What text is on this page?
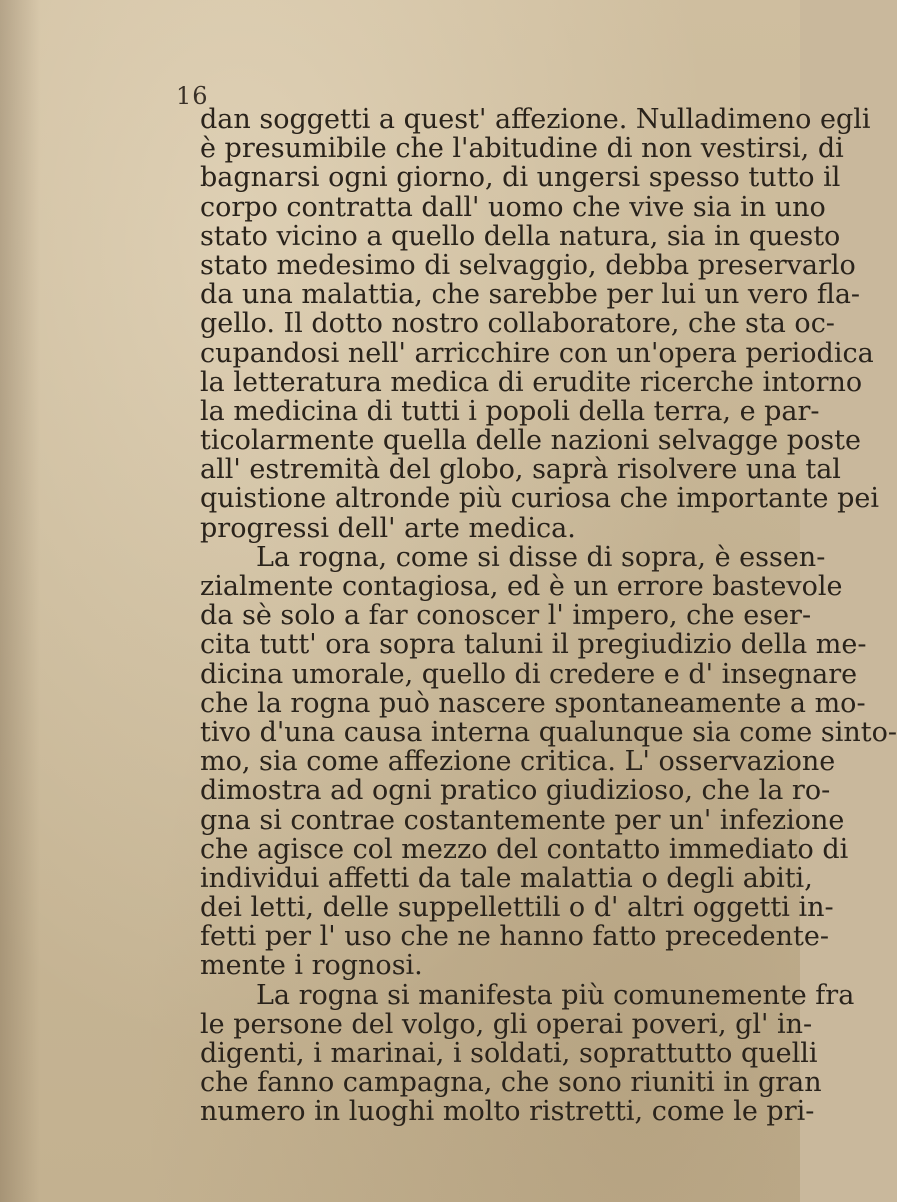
16
dan soggetti a quest' affezione. Nulladimeno egli
è presumibile che l'abitudine di non vestirsi, di
bagnarsi ogni giorno, di ungersi spesso tutto il
corpo contratta dall' uomo che vive sia in uno
stato vicino a quello della natura, sia in questo
stato medesimo di selvaggio, debba preservarlo
da una malattia, che sarebbe per lui un vero fla-
gello. Il dotto nostro collaboratore, che sta oc-
cupandosi nell' arricchire con un'opera periodica
la letteratura medica di erudite ricerche intorno
la medicina di tutti i popoli della terra, e par-
ticolarmente quella delle nazioni selvagge poste
all' estremità del globo, saprà risolvere una tal
quistione altronde più curiosa che importante pei
progressi dell' arte medica.
La rogna, come si disse di sopra, è essen-
zialmente contagiosa, ed è un errore bastevole
da sè solo a far conoscer l' impero, che eser-
cita tutt' ora sopra taluni il pregiudizio della me-
dicina umorale, quello di credere e d' insegnare
che la rogna può nascere spontaneamente a mo-
tivo d'una causa interna qualunque sia come sinto-
mo, sia come affezione critica. L' osservazione
dimostra ad ogni pratico giudizioso, che la ro-
gna si contrae costantemente per un' infezione
che agisce col mezzo del contatto immediato di
individui affetti da tale malattia o degli abiti,
dei letti, delle suppellettili o d' altri oggetti in-
fetti per l' uso che ne hanno fatto precedente-
mente i rognosi.
La rogna si manifesta più comunemente fra
le persone del volgo, gli operai poveri, gl' in-
digenti, i marinai, i soldati, soprattutto quelli
che fanno campagna, che sono riuniti in gran
numero in luoghi molto ristretti, come le pri-
